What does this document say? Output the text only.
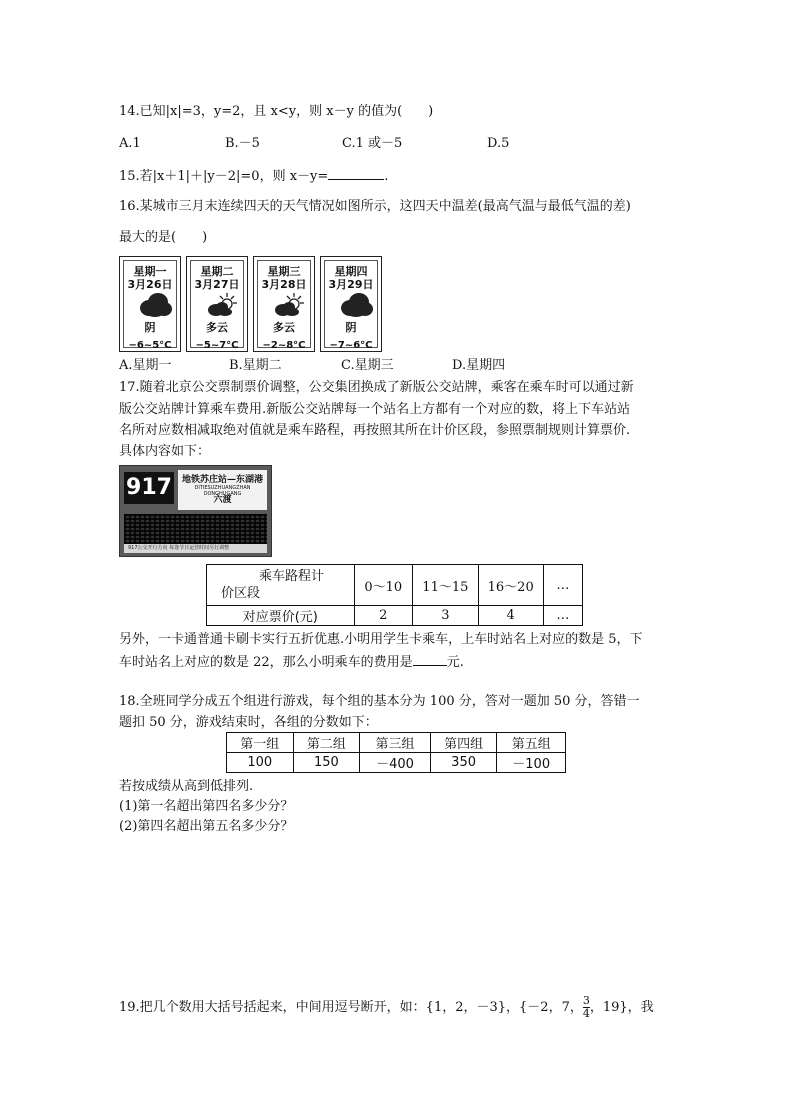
14.已知|x|=3，y=2，且 x<y，则 x－y 的值为(　　)
A.1	B.－5	C.1 或－5	D.5
15.若|x＋1|＋|y－2|=0，则 x－y=	.
16.某城市三月末连续四天的天气情况如图所示，这四天中温差(最高气温与最低气温的差)
最大的是(　　)
星期一
3月26日
阴
−6~5°C
星期二
3月27日
多云
−5~7°C
星期三
3月28日
多云
−2~8°C
星期四
3月29日
阴
−7~6°C
A.星期一	B.星期二	C.星期三	D.星期四
17.随着北京公交票制票价调整，公交集团换成了新版公交站牌，乘客在乘车时可以通过新
版公交站牌计算乘车费用.新版公交站牌每一个站名上方都有一个对应的数，将上下车站站
名所对应数相减取绝对值就是乘车路程，再按照其所在计价区段，参照票制规则计算票价.
具体内容如下：
917	地铁苏庄站—东湖港
DITIESUZHUANGZHAN　DONGHUGANG
六渡
917公交开行方向 每逢节日运营时间另行调整
乘车路程计
价区段	0～10	11～15	16～20	…
对应票价(元)	2	3	4	…
另外，一卡通普通卡刷卡实行五折优惠.小明用学生卡乘车，上车时站名上对应的数是 5，下
车时站名上对应的数是 22，那么小明乘车的费用是	元.
18.全班同学分成五个组进行游戏，每个组的基本分为 100 分，答对一题加 50 分，答错一
题扣 50 分，游戏结束时，各组的分数如下：
第一组	第二组	第三组	第四组	第五组
100	150	－400	350	－100
若按成绩从高到低排列.
(1)第一名超出第四名多少分？
(2)第四名超出第五名多少分？
19.把几个数用大括号括起来，中间用逗号断开，如：{1，2，－3}，{－2，7， $\frac{3}{4}$ ，19}，我
